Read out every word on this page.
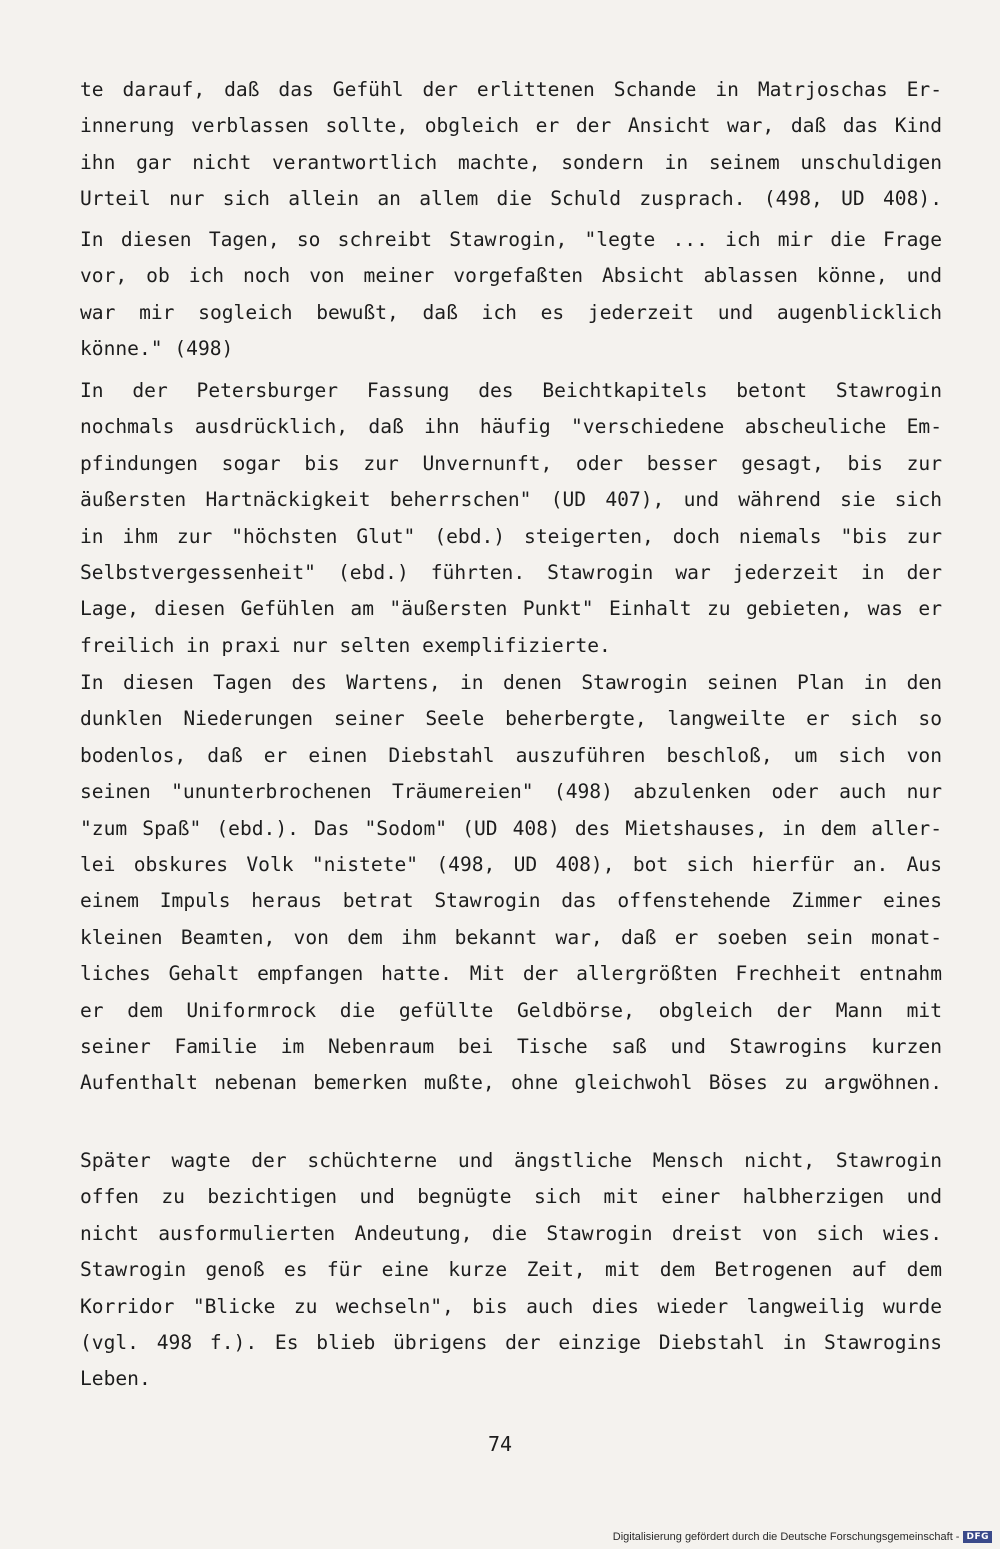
te darauf, daß das Gefühl der erlittenen Schande in Matrjoschas Er-
innerung verblassen sollte, obgleich er der Ansicht war, daß das Kind
ihn gar nicht verantwortlich machte, sondern in seinem unschuldigen
Urteil nur sich allein an allem die Schuld zusprach. (498, UD 408).
In diesen Tagen, so schreibt Stawrogin, "legte ... ich mir die Frage
vor, ob ich noch von meiner vorgefaßten Absicht ablassen könne, und
war mir sogleich bewußt, daß ich es jederzeit und augenblicklich
könne." (498)
In der Petersburger Fassung des Beichtkapitels betont Stawrogin
nochmals ausdrücklich, daß ihn häufig "verschiedene abscheuliche Em-
pfindungen sogar bis zur Unvernunft, oder besser gesagt, bis zur
äußersten Hartnäckigkeit beherrschen" (UD 407), und während sie sich
in ihm zur "höchsten Glut" (ebd.) steigerten, doch niemals "bis zur
Selbstvergessenheit" (ebd.) führten. Stawrogin war jederzeit in der
Lage, diesen Gefühlen am "äußersten Punkt" Einhalt zu gebieten, was er
freilich in praxi nur selten exemplifizierte.
In diesen Tagen des Wartens, in denen Stawrogin seinen Plan in den
dunklen Niederungen seiner Seele beherbergte, langweilte er sich so
bodenlos, daß er einen Diebstahl auszuführen beschloß, um sich von
seinen "ununterbrochenen Träumereien" (498) abzulenken oder auch nur
"zum Spaß" (ebd.). Das "Sodom" (UD 408) des Mietshauses, in dem aller-
lei obskures Volk "nistete" (498, UD 408), bot sich hierfür an. Aus
einem Impuls heraus betrat Stawrogin das offenstehende Zimmer eines
kleinen Beamten, von dem ihm bekannt war, daß er soeben sein monat-
liches Gehalt empfangen hatte. Mit der allergrößten Frechheit entnahm
er dem Uniformrock die gefüllte Geldbörse, obgleich der Mann mit
seiner Familie im Nebenraum bei Tische saß und Stawrogins kurzen
Aufenthalt nebenan bemerken mußte, ohne gleichwohl Böses zu argwöhnen.
Später wagte der schüchterne und ängstliche Mensch nicht, Stawrogin
offen zu bezichtigen und begnügte sich mit einer halbherzigen und
nicht ausformulierten Andeutung, die Stawrogin dreist von sich wies.
Stawrogin genoß es für eine kurze Zeit, mit dem Betrogenen auf dem
Korridor "Blicke zu wechseln", bis auch dies wieder langweilig wurde
(vgl. 498 f.). Es blieb übrigens der einzige Diebstahl in Stawrogins
Leben.
74
Digitalisierung gefördert durch die Deutsche Forschungsgemeinschaft - DFG
